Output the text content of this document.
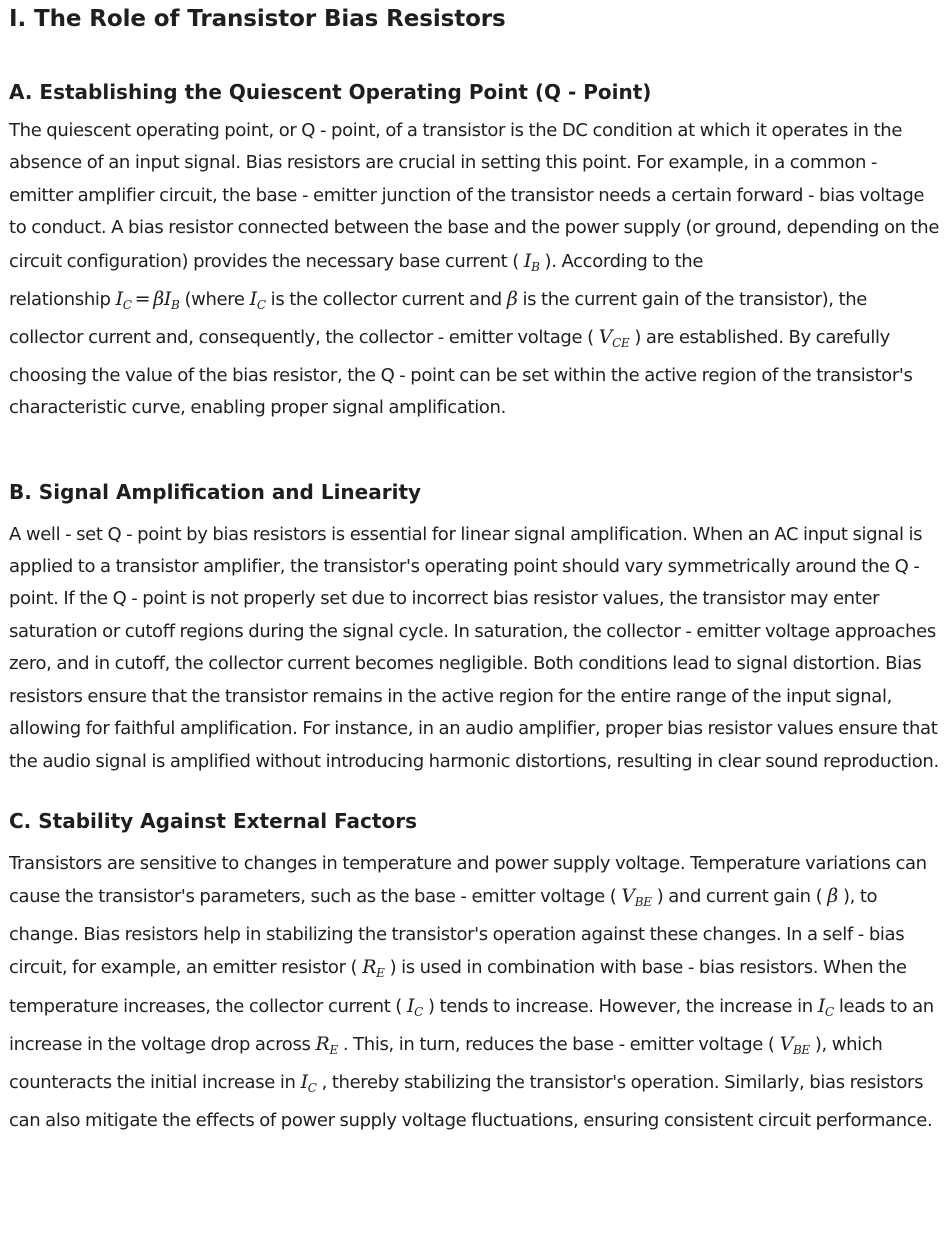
I. The Role of Transistor Bias Resistors
A. Establishing the Quiescent Operating Point (Q - Point)

The quiescent operating point, or Q - point, of a transistor is the DC condition at which it operates in the absence of an input signal. Bias resistors are crucial in setting this point. For example, in a common - emitter amplifier circuit, the base - emitter junction of the transistor needs a certain forward - bias voltage to conduct. A bias resistor connected between the base and the power supply (or ground, depending on the circuit configuration) provides the necessary base current ( $I_B$ ). According to the relationship $I_C = \beta I_B$ (where $I_C$ is the collector current and β is the current gain of the transistor), the collector current and, consequently, the collector - emitter voltage ( $V_{CE}$ ) are established. By carefully choosing the value of the bias resistor, the Q - point can be set within the active region of the transistor's characteristic curve, enabling proper signal amplification.

B. Signal Amplification and Linearity

A well - set Q - point by bias resistors is essential for linear signal amplification. When an AC input signal is applied to a transistor amplifier, the transistor's operating point should vary symmetrically around the Q - point. If the Q - point is not properly set due to incorrect bias resistor values, the transistor may enter saturation or cutoff regions during the signal cycle. In saturation, the collector - emitter voltage approaches zero, and in cutoff, the collector current becomes negligible. Both conditions lead to signal distortion. Bias resistors ensure that the transistor remains in the active region for the entire range of the input signal, allowing for faithful amplification. For instance, in an audio amplifier, proper bias resistor values ensure that the audio signal is amplified without introducing harmonic distortions, resulting in clear sound reproduction.

C. Stability Against External Factors

Transistors are sensitive to changes in temperature and power supply voltage. Temperature variations can cause the transistor's parameters, such as the base - emitter voltage ( $V_{BE}$ ) and current gain ( β ), to change. Bias resistors help in stabilizing the transistor's operation against these changes. In a self - bias circuit, for example, an emitter resistor ( $R_E$ ) is used in combination with base - bias resistors. When the temperature increases, the collector current ( $I_C$ ) tends to increase. However, the increase in $I_C$ leads to an increase in the voltage drop across $R_E$ . This, in turn, reduces the base - emitter voltage ( $V_{BE}$ ), which counteracts the initial increase in $I_C$ , thereby stabilizing the transistor's operation. Similarly, bias resistors can also mitigate the effects of power supply voltage fluctuations, ensuring consistent circuit performance.
